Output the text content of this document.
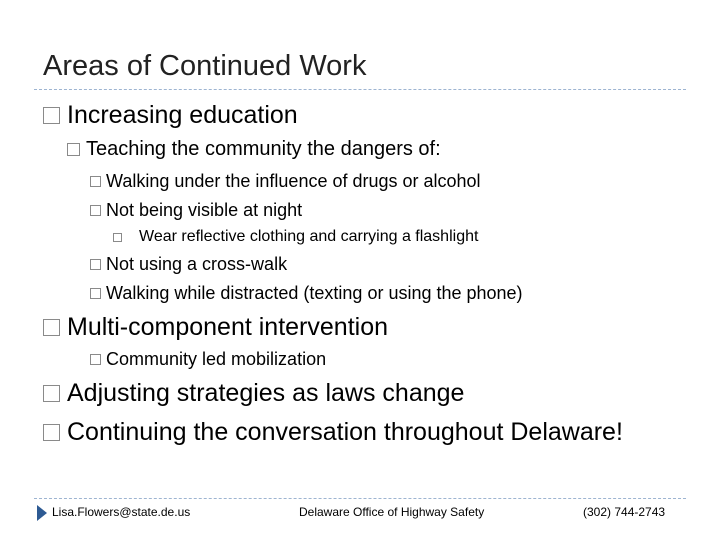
Areas of Continued Work
Increasing education
Teaching the community the dangers of:
Walking under the influence of drugs or alcohol
Not being visible at night
Wear reflective clothing and carrying a flashlight
Not using a cross-walk
Walking while distracted (texting or using the phone)
Multi-component intervention
Community led mobilization
Adjusting strategies as laws change
Continuing the conversation throughout Delaware!
Lisa.Flowers@state.de.us	Delaware Office of Highway Safety	(302) 744-2743
